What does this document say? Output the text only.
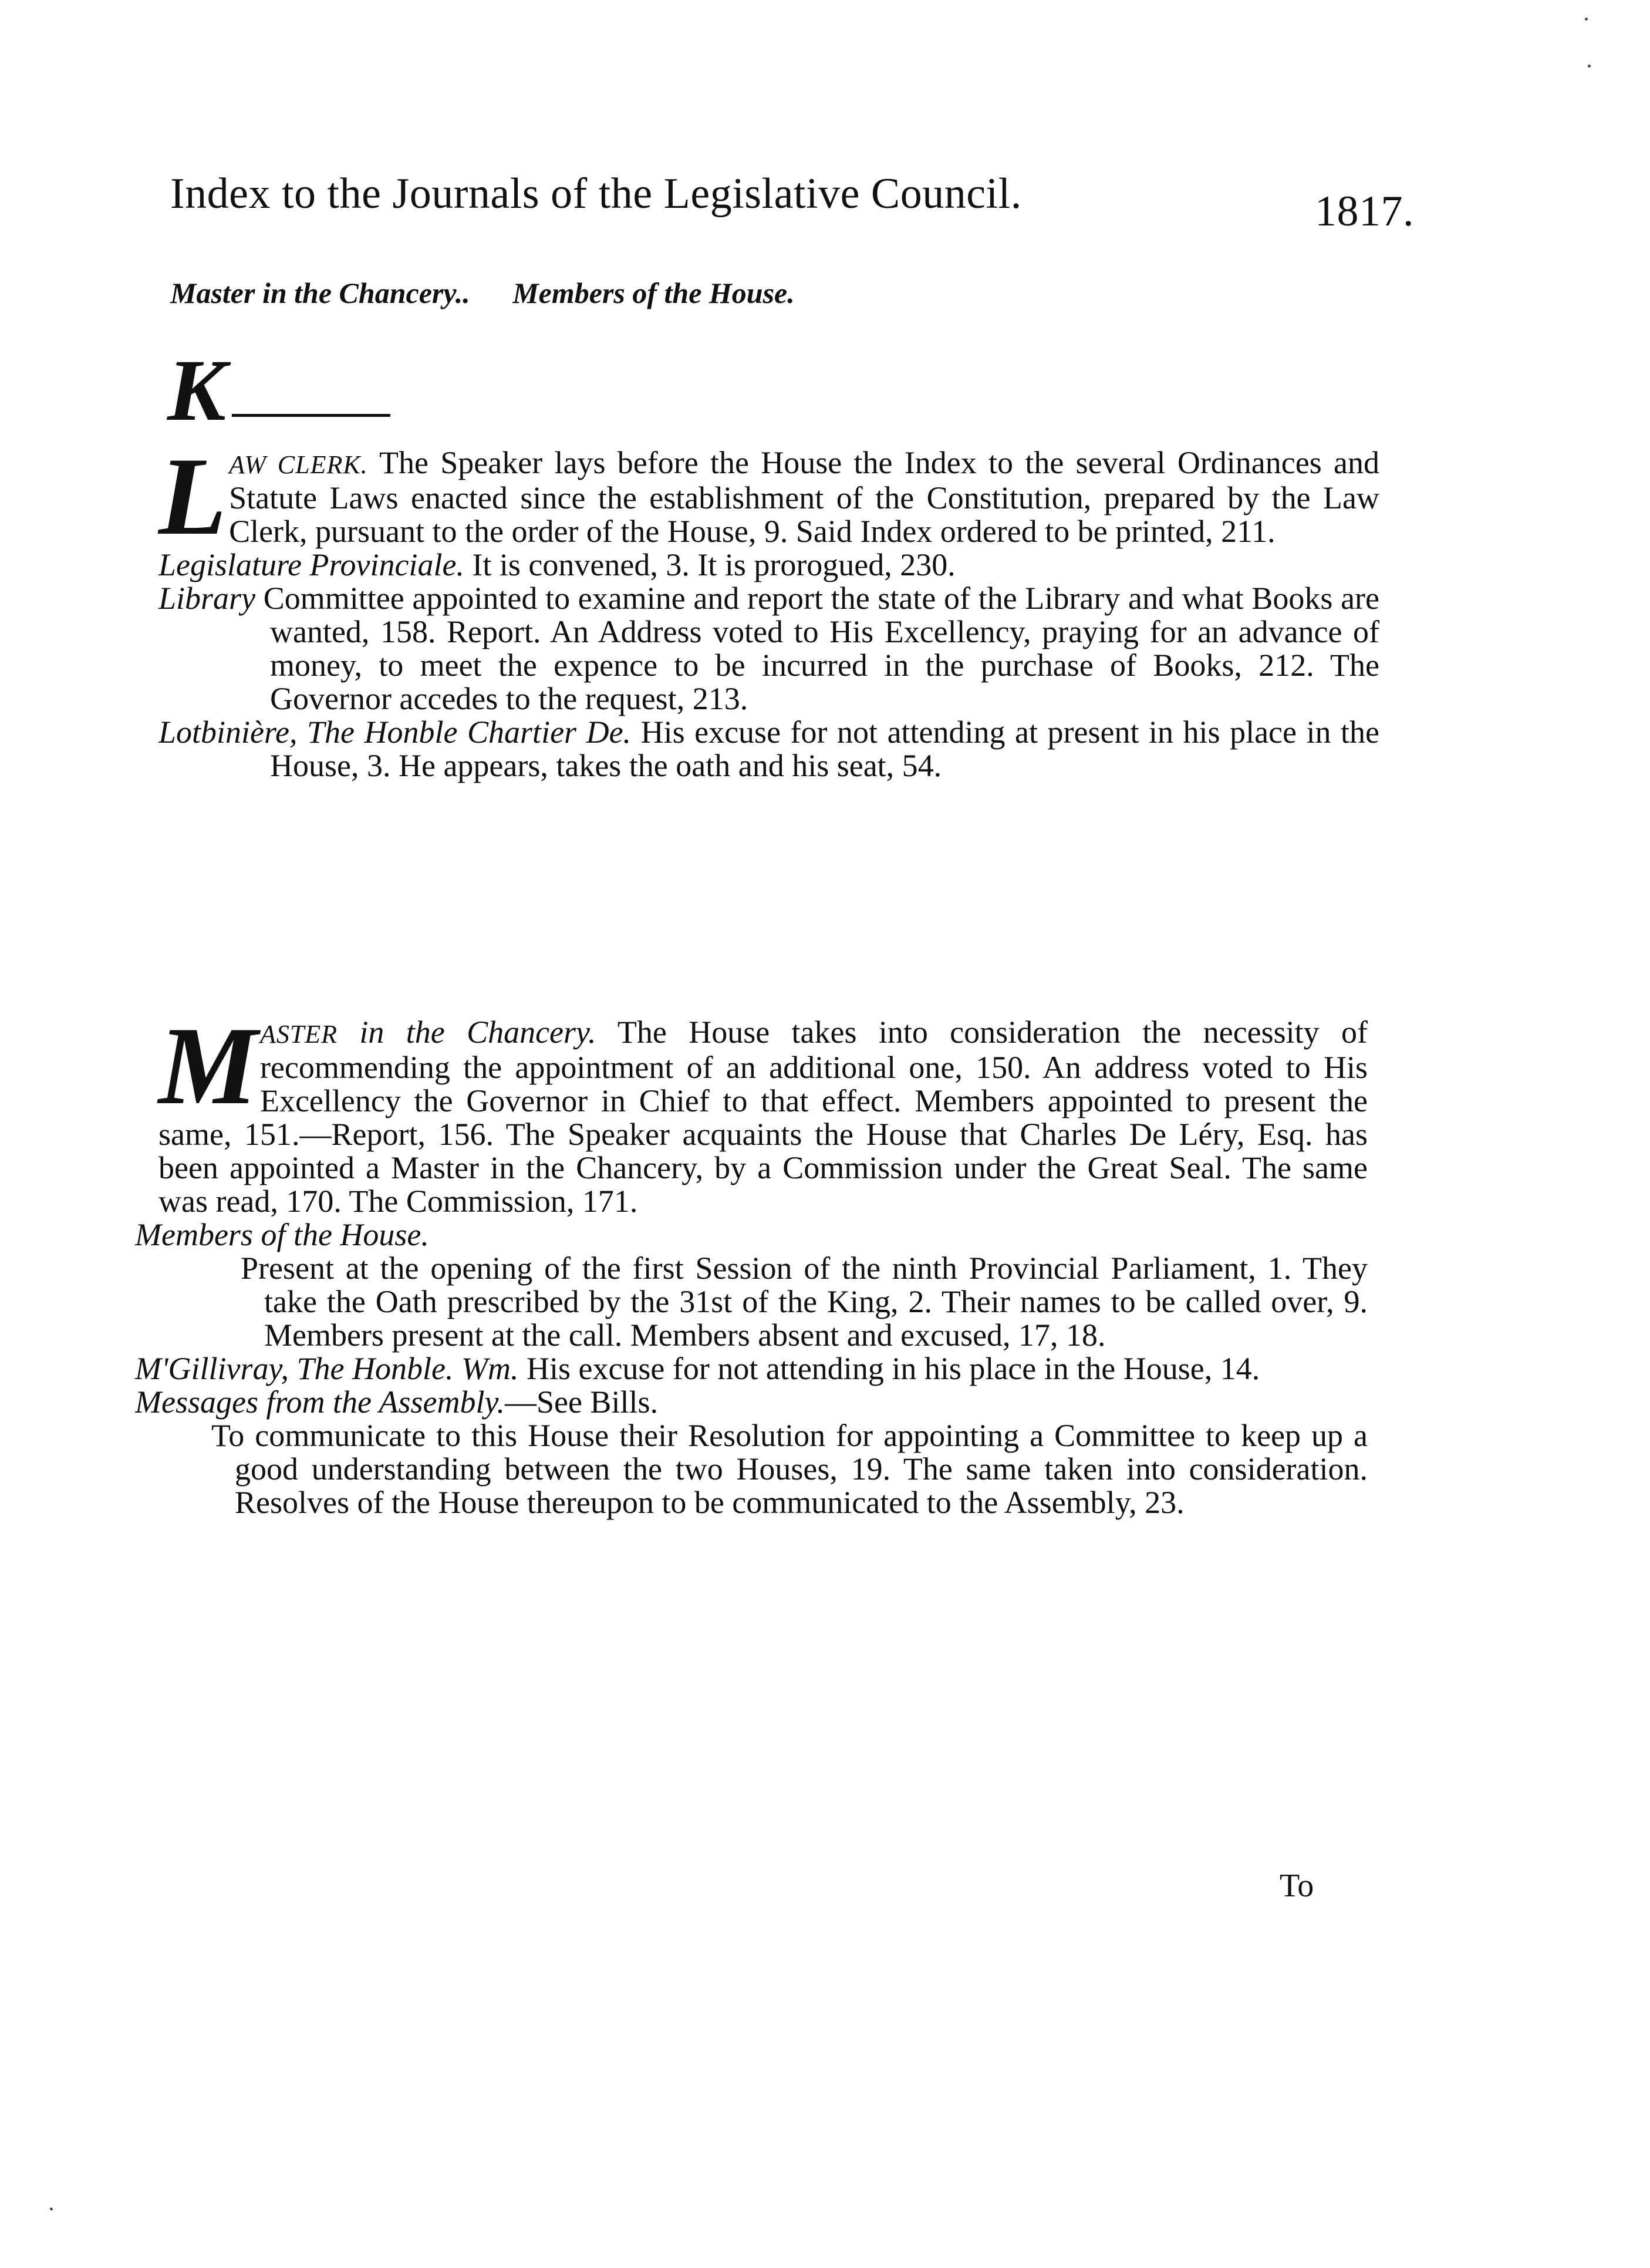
Index to the Journals of the Legislative Council.	1817.
Master in the Chancery.. Members of the House.
K
L AW CLERK. The Speaker lays before the House the Index to the several Ordinances and Statute Laws enacted since the establishment of the Constitution, prepared by the Law Clerk, pursuant to the order of the House, 9. Said Index ordered to be printed, 211.

Legislature Provinciale. It is convened, 3. It is prorogued, 230.

Library Committee appointed to examine and report the state of the Library and what Books are wanted, 158. Report. An Address voted to His Excellency, praying for an advance of money, to meet the expence to be incurred in the purchase of Books, 212. The Governor accedes to the request, 213.

Lotbinière, The Honble Chartier De. His excuse for not attending at present in his place in the House, 3. He appears, takes the oath and his seat, 54.

M ASTER in the Chancery. The House takes into consideration the necessity of recommending the appointment of an additional one, 150. An address voted to His Excellency the Governor in Chief to that effect. Members appointed to present the same, 151.—Report, 156. The Speaker acquaints the House that Charles De Léry, Esq. has been appointed a Master in the Chancery, by a Commission under the Great Seal. The same was read, 170. The Commission, 171.

Members of the House.

Present at the opening of the first Session of the ninth Provincial Parliament, 1. They take the Oath prescribed by the 31st of the King, 2. Their names to be called over, 9. Members present at the call. Members absent and excused, 17, 18.

M'Gillivray, The Honble. Wm. His excuse for not attending in his place in the House, 14.

Messages from the Assembly.—See Bills.

To communicate to this House their Resolution for appointing a Committee to keep up a good understanding between the two Houses, 19. The same taken into consideration. Resolves of the House thereupon to be communicated to the Assembly, 23.

To
